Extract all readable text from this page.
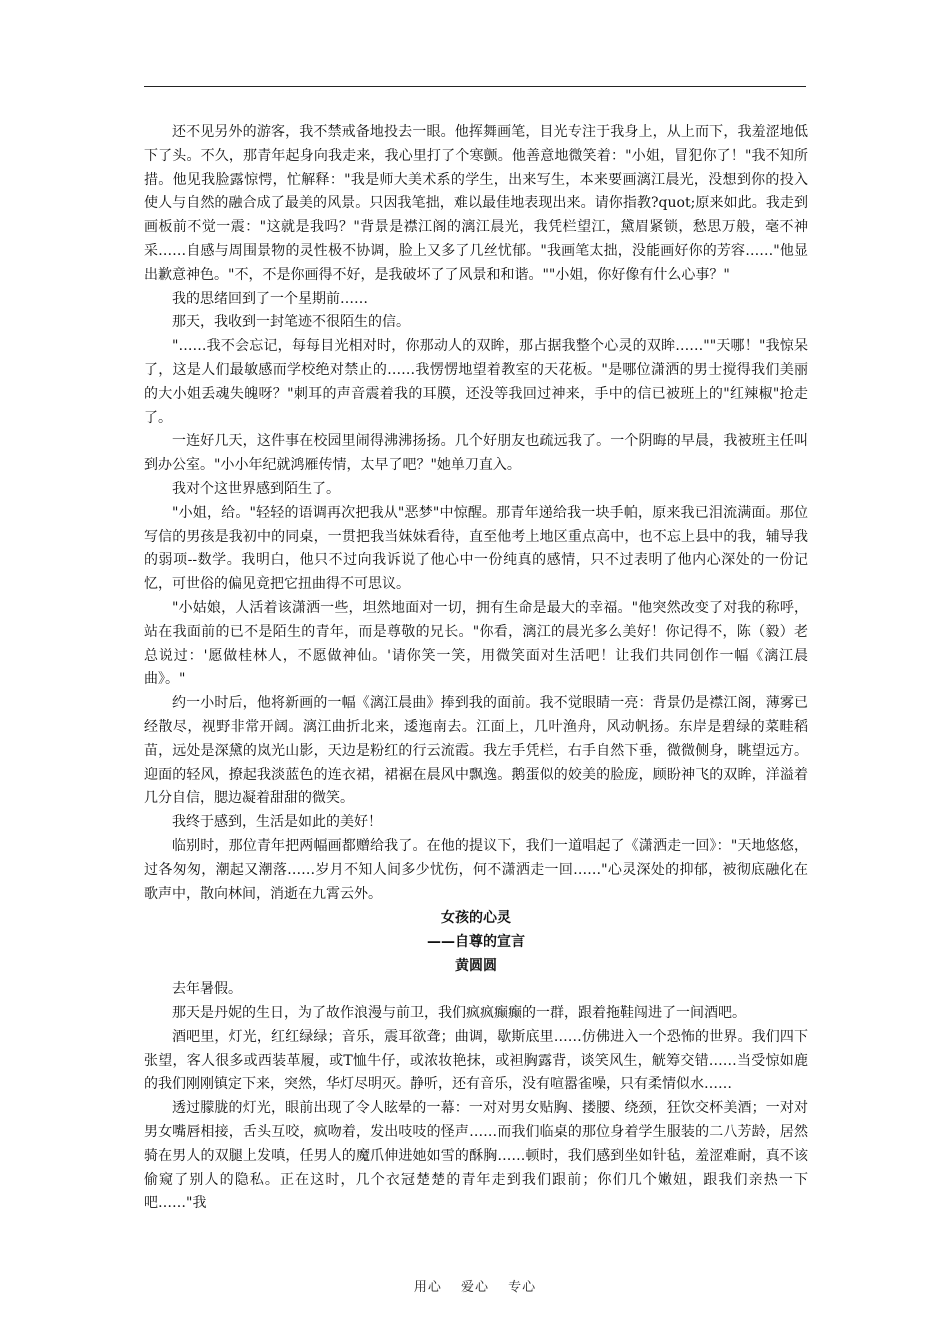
还不见另外的游客，我不禁戒备地投去一眼。他挥舞画笔，目光专注于我身上，从上而下，我羞涩地低下了头。不久，那青年起身向我走来，我心里打了个寒颤。他善意地微笑着："小姐，冒犯你了！"我不知所措。他见我脸露惊愕，忙解释："我是师大美术系的学生，出来写生，本来要画漓江晨光，没想到你的投入使人与自然的融合成了最美的风景。只因我笔拙，难以最佳地表现出来。请你指教?quot;原来如此。我走到画板前不觉一震："这就是我吗？"背景是襟江阁的漓江晨光，我凭栏望江，黛眉紧锁，愁思万般，毫不神采……自感与周围景物的灵性极不协调，脸上又多了几丝忧郁。"我画笔太拙，没能画好你的芳容……"他显出歉意神色。"不，不是你画得不好，是我破坏了了风景和和谐。""小姐，你好像有什么心事？"

我的思绪回到了一个星期前……

那天，我收到一封笔迹不很陌生的信。

"……我不会忘记，每每目光相对时，你那动人的双眸，那占据我整个心灵的双眸……""天哪！"我惊呆了，这是人们最敏感而学校绝对禁止的……我愣愣地望着教室的天花板。"是哪位潇洒的男士搅得我们美丽的大小姐丢魂失魄呀？"刺耳的声音震着我的耳膜，还没等我回过神来，手中的信已被班上的"红辣椒"抢走了。

一连好几天，这件事在校园里闹得沸沸扬扬。几个好朋友也疏远我了。一个阴晦的早晨，我被班主任叫到办公室。"小小年纪就鸿雁传情，太早了吧？"她单刀直入。

我对个这世界感到陌生了。

"小姐，给。"轻轻的语调再次把我从"恶梦"中惊醒。那青年递给我一块手帕，原来我已泪流满面。那位写信的男孩是我初中的同桌，一贯把我当妹妹看待，直至他考上地区重点高中，也不忘上县中的我，辅导我的弱项--数学。我明白，他只不过向我诉说了他心中一份纯真的感情，只不过表明了他内心深处的一份记忆，可世俗的偏见竟把它扭曲得不可思议。

"小姑娘，人活着该潇洒一些，坦然地面对一切，拥有生命是最大的幸福。"他突然改变了对我的称呼，站在我面前的已不是陌生的青年，而是尊敬的兄长。"你看，漓江的晨光多么美好！你记得不，陈（毅）老总说过：'愿做桂林人，不愿做神仙。'请你笑一笑，用微笑面对生活吧！让我们共同创作一幅《漓江晨曲》。"

约一小时后，他将新画的一幅《漓江晨曲》捧到我的面前。我不觉眼睛一亮：背景仍是襟江阁，薄雾已经散尽，视野非常开阔。漓江曲折北来，逶迤南去。江面上，几叶渔舟，风动帆扬。东岸是碧绿的菜畦稻苗，远处是深黛的岚光山影，天边是粉红的行云流霞。我左手凭栏，右手自然下垂，微微侧身，眺望远方。迎面的轻风，撩起我淡蓝色的连衣裙，裙裾在晨风中飘逸。鹅蛋似的姣美的脸庞，顾盼神飞的双眸，洋溢着几分自信，腮边凝着甜甜的微笑。

我终于感到，生活是如此的美好！

临别时，那位青年把两幅画都赠给我了。在他的提议下，我们一道唱起了《潇洒走一回》："天地悠悠，过各匆匆，潮起又潮落……岁月不知人间多少忧伤，何不潇洒走一回……"心灵深处的抑郁，被彻底融化在歌声中，散向林间，消逝在九霄云外。

女孩的心灵
——自尊的宣言
黄圆圆

去年暑假。

那天是丹妮的生日，为了故作浪漫与前卫，我们疯疯癫癫的一群，跟着拖鞋闯进了一间酒吧。

酒吧里，灯光，红红绿绿；音乐，震耳欲聋；曲调，歇斯底里……仿佛进入一个恐怖的世界。我们四下张望，客人很多或西装革履，或T恤牛仔，或浓妆艳抹，或袒胸露背，谈笑风生，觥筹交错……当受惊如鹿的我们刚刚镇定下来，突然，华灯尽明灭。静听，还有音乐，没有喧嚣雀噪，只有柔情似水……

透过朦胧的灯光，眼前出现了令人眩晕的一幕：一对对男女贴胸、搂腰、绕颈，狂饮交杯美酒；一对对男女嘴唇相接，舌头互咬，疯吻着，发出吱吱的怪声……而我们临桌的那位身着学生服装的二八芳龄，居然骑在男人的双腿上发嗔，任男人的魔爪伸进她如雪的酥胸……顿时，我们感到坐如针毡，羞涩难耐，真不该偷窥了别人的隐私。正在这时，几个衣冠楚楚的青年走到我们跟前；你们几个嫩妞，跟我们亲热一下吧……"我

用心　 爱心　 专心
